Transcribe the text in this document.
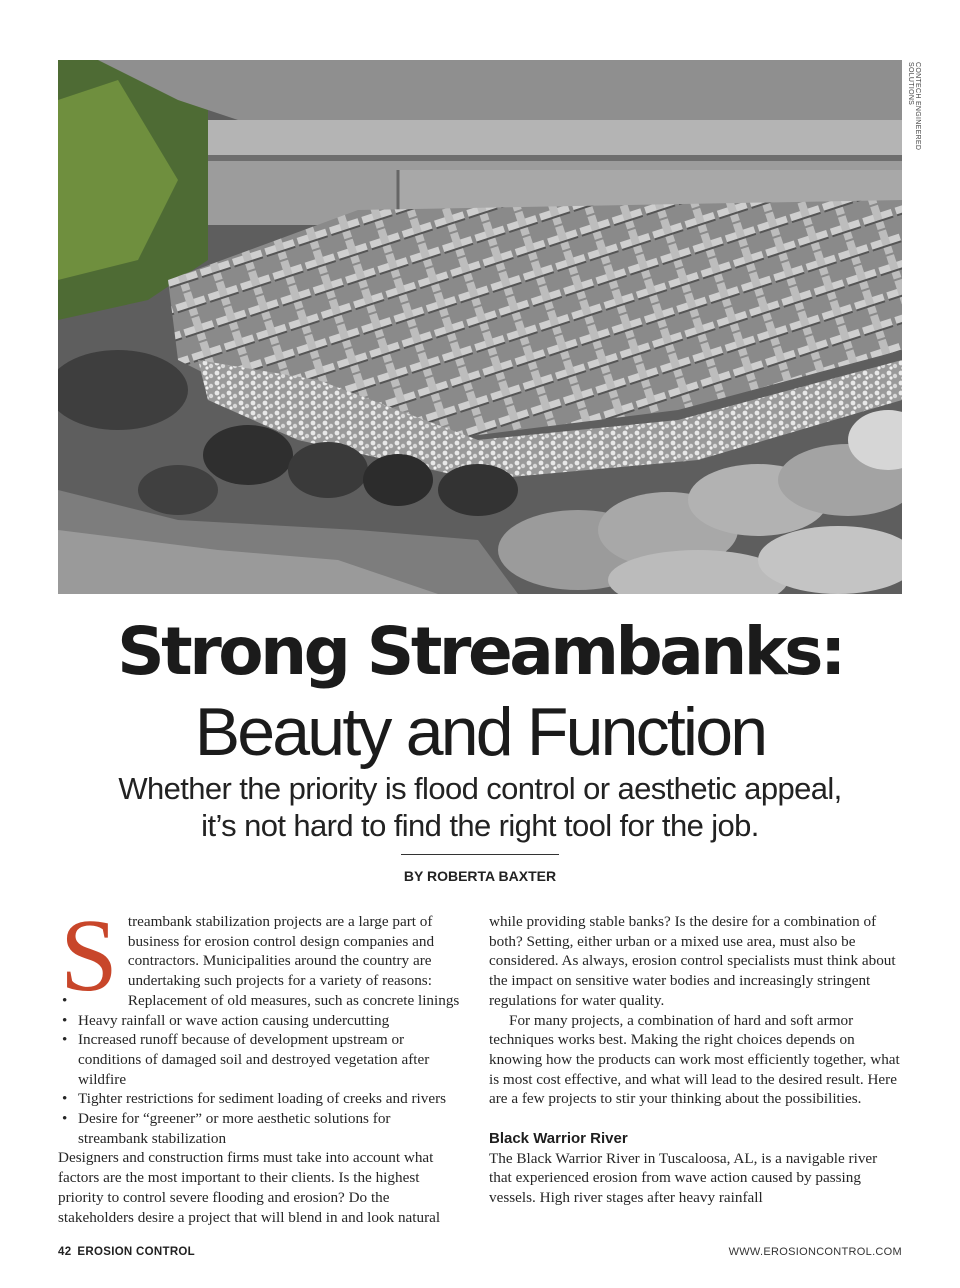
CONTECH ENGINEERED SOLUTIONS
Strong Streambanks:
Beauty and Function
Whether the priority is flood control or aesthetic appeal,
it’s not hard to find the right tool for the job.
BY ROBERTA BAXTER
S treambank stabilization projects are a large part of business for erosion control design companies and contractors. Municipalities around the country are undertaking such projects for a variety of reasons:

• Replacement of old measures, such as concrete linings
• Heavy rainfall or wave action causing undercutting
• Increased runoff because of development upstream or conditions of damaged soil and destroyed vegetation after wildfire
• Tighter restrictions for sediment loading of creeks and rivers
• Desire for “greener” or more aesthetic solutions for streambank stabilization

Designers and construction firms must take into account what factors are the most important to their clients. Is the highest priority to control severe flooding and erosion? Do the stakeholders desire a project that will blend in and look natural

while providing stable banks? Is the desire for a combination of both? Setting, either urban or a mixed use area, must also be considered. As always, erosion control specialists must think about the impact on sensitive water bodies and increasingly stringent regulations for water quality.

For many projects, a combination of hard and soft armor techniques works best. Making the right choices depends on knowing how the products can work most efficiently together, what is most cost effective, and what will lead to the desired result. Here are a few projects to stir your thinking about the possibilities.

Black Warrior River

The Black Warrior River in Tuscaloosa, AL, is a navigable river that experienced erosion from wave action caused by passing vessels. High river stages after heavy rainfall

42 EROSION CONTROL	WWW.EROSIONCONTROL.COM
